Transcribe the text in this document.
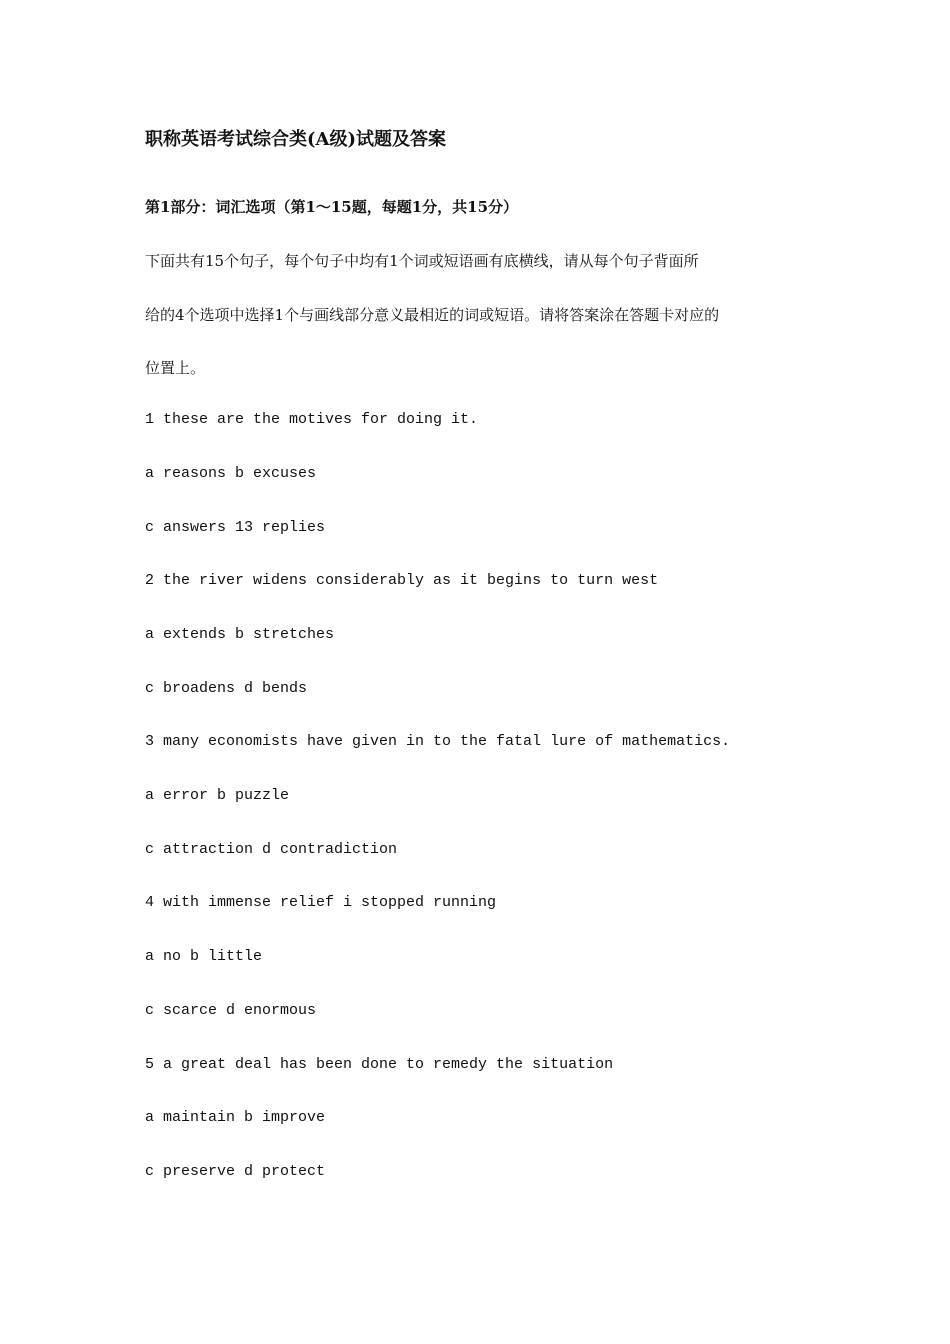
职称英语考试综合类(A级)试题及答案
第1部分：词汇选项（第1～15题，每题1分，共15分）
下面共有15个句子，每个句子中均有1个词或短语画有底横线，请从每个句子背面所
给的4个选项中选择1个与画线部分意义最相近的词或短语。请将答案涂在答题卡对应的
位置上。
1 these are the motives for doing it.
a reasons b excuses
c answers 13 replies
2 the river widens considerably as it begins to turn west
a extends b stretches
c broadens d bends
3 many economists have given in to the fatal lure of mathematics.
a error b puzzle
c attraction d contradiction
4 with immense relief i stopped running
a no b little
c scarce d enormous
5 a great deal has been done to remedy the situation
a maintain b improve
c preserve d protect
